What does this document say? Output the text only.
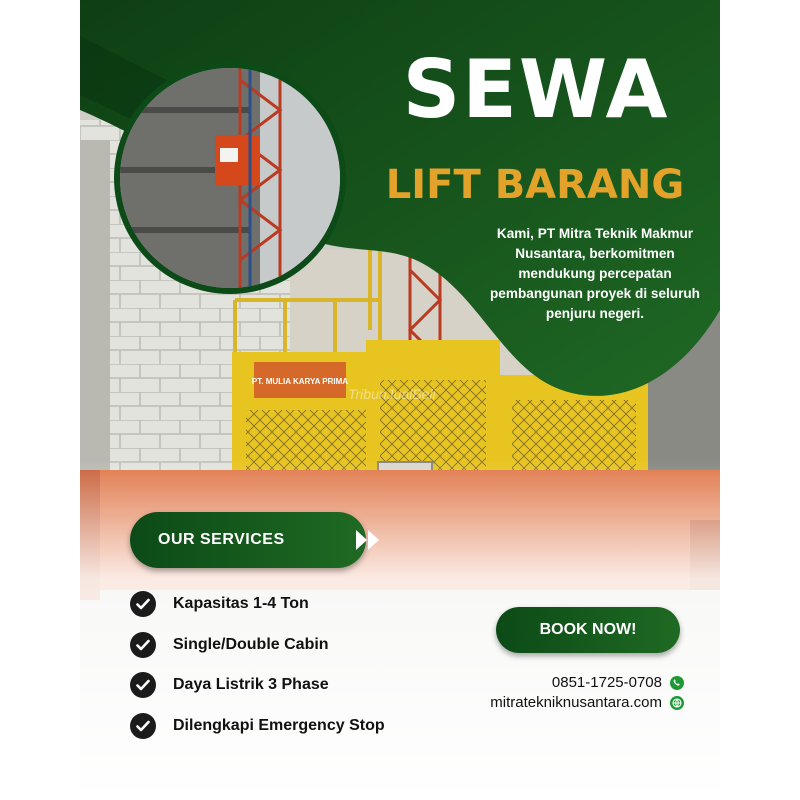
PT. MULIA KARYA PRIMA
SEWA
LIFT BARANG

Kami, PT Mitra Teknik Makmur Nusantara, berkomitmen mendukung percepatan pembangunan proyek di seluruh penjuru negeri.

TribunJualBeli
OUR SERVICES
Kapasitas 1-4 Ton
Single/Double Cabin
Daya Listrik 3 Phase
Dilengkapi Emergency Stop
BOOK NOW!
0851-1725-0708
mitratekniknusantara.com
